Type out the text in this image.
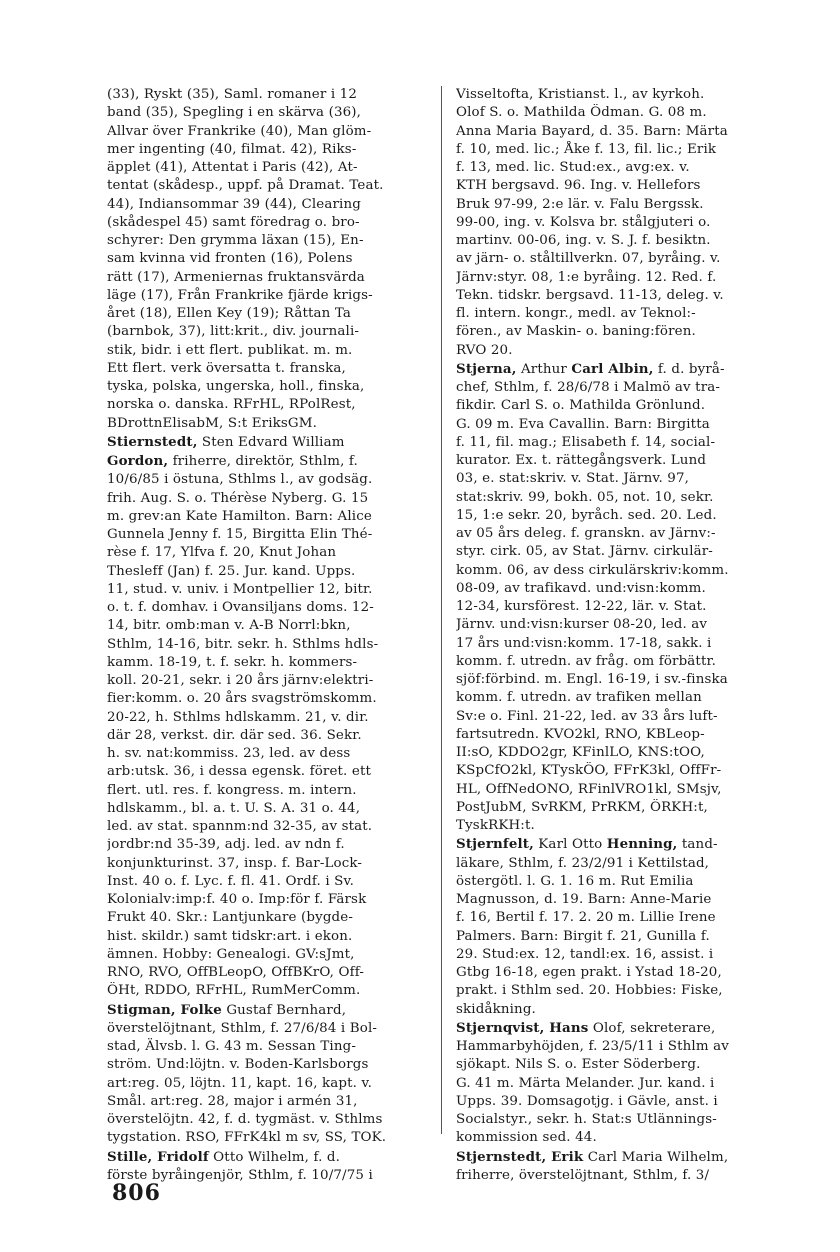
(33), Ryskt (35), Saml. romaner i 12
band (35), Spegling i en skärva (36),
Allvar över Frankrike (40), Man glöm-
mer ingenting (40, filmat. 42), Riks-
äpplet (41), Attentat i Paris (42), At-
tentat (skådesp., uppf. på Dramat. Teat.
44), Indiansommar 39 (44), Clearing
(skådespel 45) samt föredrag o. bro-
schyrer: Den grymma läxan (15), En-
sam kvinna vid fronten (16), Polens
rätt (17), Armeniernas fruktansvärda
läge (17), Från Frankrike fjärde krigs-
året (18), Ellen Key (19); Råttan Ta
(barnbok, 37), litt:krit., div. journali-
stik, bidr. i ett flert. publikat. m. m.
Ett flert. verk översatta t. franska,
tyska, polska, ungerska, holl., finska,
norska o. danska. RFrHL, RPolRest,
BDrottnElisabM, S:t EriksGM.
Stiernstedt, Sten Edvard William
Gordon, friherre, direktör, Sthlm, f.
10/6/85 i östuna, Sthlms l., av godsäg.
frih. Aug. S. o. Thérèse Nyberg. G. 15
m. grev:an Kate Hamilton. Barn: Alice
Gunnela Jenny f. 15, Birgitta Elin Thé-
rèse f. 17, Ylfva f. 20, Knut Johan
Thesleff (Jan) f. 25. Jur. kand. Upps.
11, stud. v. univ. i Montpellier 12, bitr.
o. t. f. domhav. i Ovansiljans doms. 12-
14, bitr. omb:man v. A-B Norrl:bkn,
Sthlm, 14-16, bitr. sekr. h. Sthlms hdls-
kamm. 18-19, t. f. sekr. h. kommers-
koll. 20-21, sekr. i 20 års järnv:elektri-
fier:komm. o. 20 års svagströmskomm.
20-22, h. Sthlms hdlskamm. 21, v. dir.
där 28, verkst. dir. där sed. 36. Sekr.
h. sv. nat:kommiss. 23, led. av dess
arb:utsk. 36, i dessa egensk. föret. ett
flert. utl. res. f. kongress. m. intern.
hdlskamm., bl. a. t. U. S. A. 31 o. 44,
led. av stat. spannm:nd 32-35, av stat.
jordbr:nd 35-39, adj. led. av ndn f.
konjunkturinst. 37, insp. f. Bar-Lock-
Inst. 40 o. f. Lyc. f. fl. 41. Ordf. i Sv.
Kolonialv:imp:f. 40 o. Imp:för f. Färsk
Frukt 40. Skr.: Lantjunkare (bygde-
hist. skildr.) samt tidskr:art. i ekon.
ämnen. Hobby: Genealogi. GV:sJmt,
RNO, RVO, OffBLeopO, OffBKrO, Off-
ÖHt, RDDO, RFrHL, RumMerComm.
Stigman, Folke Gustaf Bernhard,
överstelöjtnant, Sthlm, f. 27/6/84 i Bol-
stad, Älvsb. l. G. 43 m. Sessan Ting-
ström. Und:löjtn. v. Boden-Karlsborgs
art:reg. 05, löjtn. 11, kapt. 16, kapt. v.
Smål. art:reg. 28, major i armén 31,
överstelöjtn. 42, f. d. tygmäst. v. Sthlms
tygstation. RSO, FFrK4kl m sv, SS, TOK.
Stille, Fridolf Otto Wilhelm, f. d.
förste byråingenjör, Sthlm, f. 10/7/75 i
Visseltofta, Kristianst. l., av kyrkoh.
Olof S. o. Mathilda Ödman. G. 08 m.
Anna Maria Bayard, d. 35. Barn: Märta
f. 10, med. lic.; Åke f. 13, fil. lic.; Erik
f. 13, med. lic. Stud:ex., avg:ex. v.
KTH bergsavd. 96. Ing. v. Hellefors
Bruk 97-99, 2:e lär. v. Falu Bergssk.
99-00, ing. v. Kolsva br. stålgjuteri o.
martinv. 00-06, ing. v. S. J. f. besiktn.
av järn- o. ståltillverkn. 07, byråing. v.
Järnv:styr. 08, 1:e byråing. 12. Red. f.
Tekn. tidskr. bergsavd. 11-13, deleg. v.
fl. intern. kongr., medl. av Teknol:-
fören., av Maskin- o. baning:fören.
RVO 20.
Stjerna, Arthur Carl Albin, f. d. byrå-
chef, Sthlm, f. 28/6/78 i Malmö av tra-
fikdir. Carl S. o. Mathilda Grönlund.
G. 09 m. Eva Cavallin. Barn: Birgitta
f. 11, fil. mag.; Elisabeth f. 14, social-
kurator. Ex. t. rättegångsverk. Lund
03, e. stat:skriv. v. Stat. Järnv. 97,
stat:skriv. 99, bokh. 05, not. 10, sekr.
15, 1:e sekr. 20, byråch. sed. 20. Led.
av 05 års deleg. f. granskn. av Järnv:-
styr. cirk. 05, av Stat. Järnv. cirkulär-
komm. 06, av dess cirkulärskriv:komm.
08-09, av trafikavd. und:visn:komm.
12-34, kursförest. 12-22, lär. v. Stat.
Järnv. und:visn:kurser 08-20, led. av
17 års und:visn:komm. 17-18, sakk. i
komm. f. utredn. av fråg. om förbättr.
sjöf:förbind. m. Engl. 16-19, i sv.-finska
komm. f. utredn. av trafiken mellan
Sv:e o. Finl. 21-22, led. av 33 års luft-
fartsutredn. KVO2kl, RNO, KBLeop-
II:sO, KDDO2gr, KFinlLO, KNS:tOO,
KSpCfO2kl, KTyskÖO, FFrK3kl, OffFr-
HL, OffNedONO, RFinlVRO1kl, SMsjv,
PostJubM, SvRKM, PrRKM, ÖRKH:t,
TyskRKH:t.
Stjernfelt, Karl Otto Henning, tand-
läkare, Sthlm, f. 23/2/91 i Kettilstad,
östergötl. l. G. 1. 16 m. Rut Emilia
Magnusson, d. 19. Barn: Anne-Marie
f. 16, Bertil f. 17. 2. 20 m. Lillie Irene
Palmers. Barn: Birgit f. 21, Gunilla f.
29. Stud:ex. 12, tandl:ex. 16, assist. i
Gtbg 16-18, egen prakt. i Ystad 18-20,
prakt. i Sthlm sed. 20. Hobbies: Fiske,
skidåkning.
Stjernqvist, Hans Olof, sekreterare,
Hammarbyhöjden, f. 23/5/11 i Sthlm av
sjökapt. Nils S. o. Ester Söderberg.
G. 41 m. Märta Melander. Jur. kand. i
Upps. 39. Domsagotjg. i Gävle, anst. i
Socialstyr., sekr. h. Stat:s Utlännings-
kommission sed. 44.
Stjernstedt, Erik Carl Maria Wilhelm,
friherre, överstelöjtnant, Sthlm, f. 3/
806
